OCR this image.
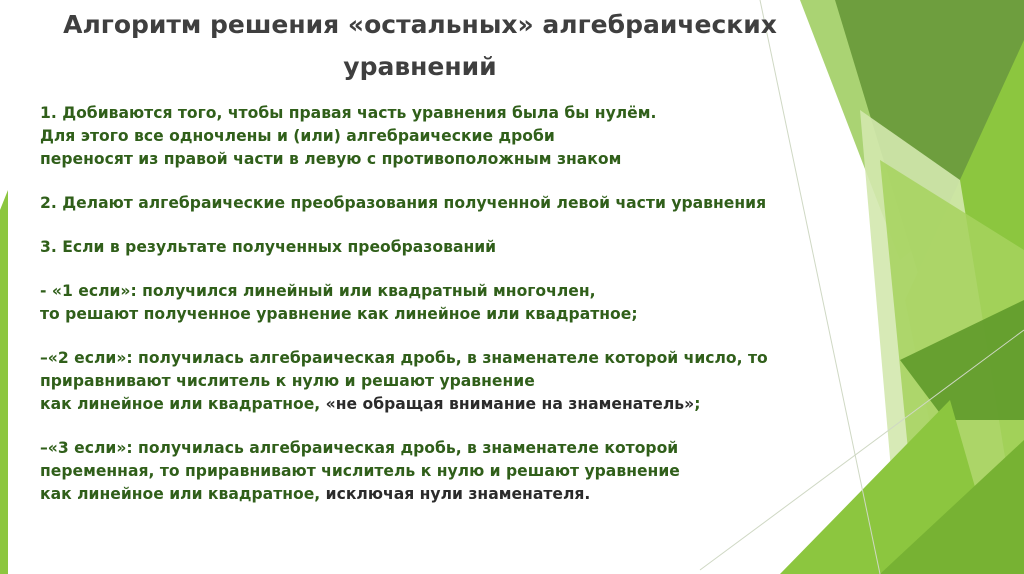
Алгоритм решения «остальных» алгебраических
уравнений

1. Добиваются того, чтобы правая часть уравнения была бы нулём.

Для этого все одночлены и (или) алгебраические дроби

переносят из правой части в левую с противоположным знаком

2. Делают алгебраические преобразования полученной левой части уравнения

3. Если в результате полученных преобразований

- «1 если»: получился линейный или квадратный многочлен,

то решают полученное уравнение как линейное или квадратное;

–«2 если»: получилась алгебраическая дробь, в знаменателе которой число, то

приравнивают числитель к нулю и решают уравнение

как линейное или квадратное, «не обращая внимание на знаменатель»;

–«3 если»: получилась алгебраическая дробь, в знаменателе которой

переменная, то приравнивают числитель к нулю и решают уравнение

как линейное или квадратное, исключая нули знаменателя.
